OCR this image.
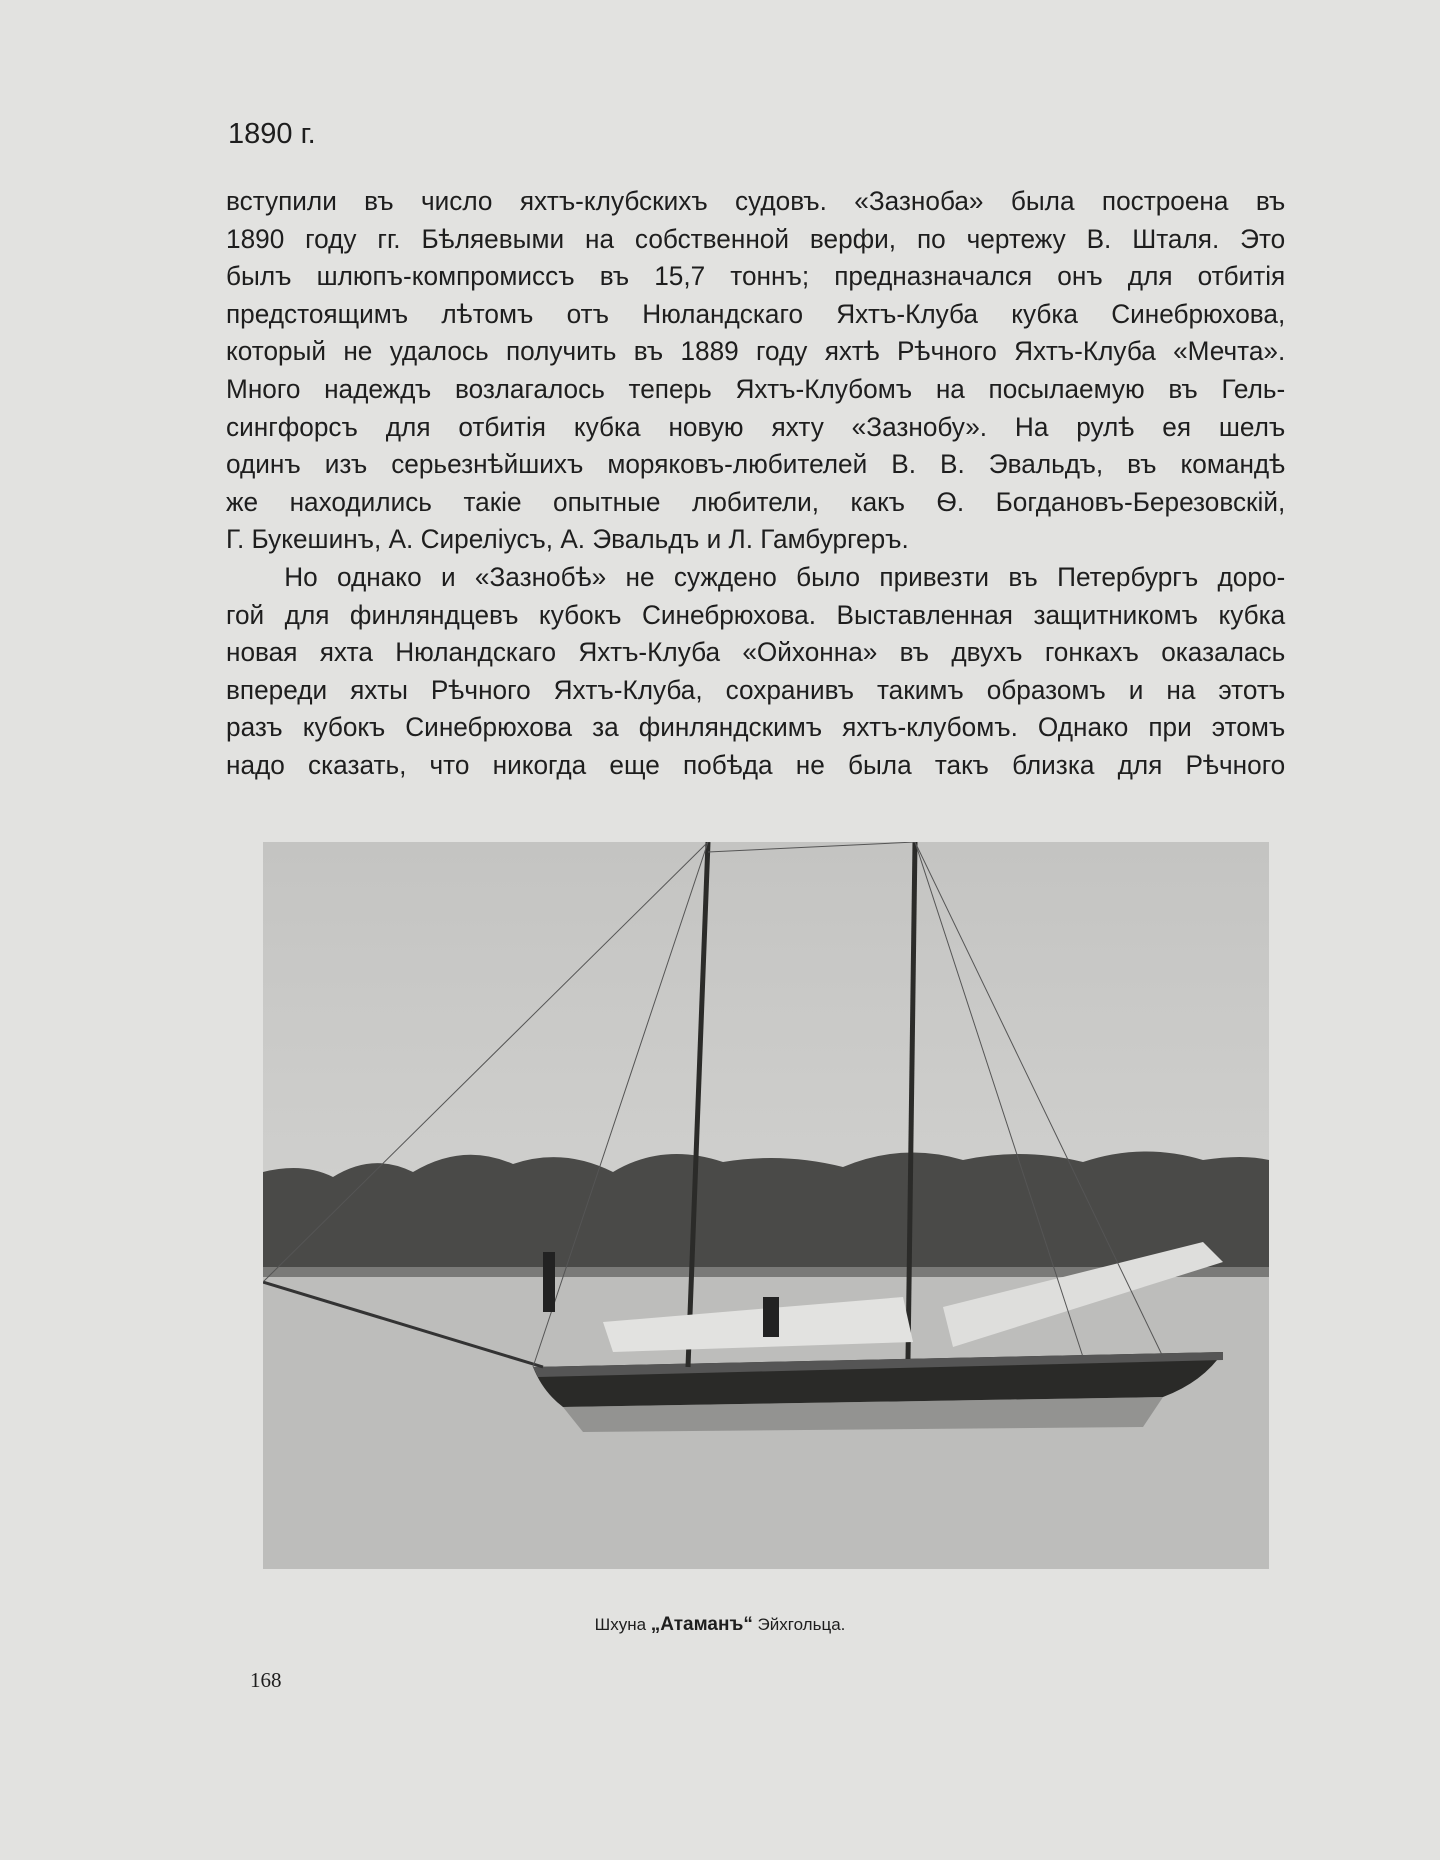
1890 г.

вступили въ число яхтъ-клубскихъ судовъ. «Зазноба» была построена въ

1890 году гг. Бѣляевыми на собственной верфи, по чертежу В. Шталя. Это

былъ шлюпъ-компромиссъ въ 15,7 тоннъ; предназначался онъ для отбитія

предстоящимъ лѣтомъ отъ Нюландскаго Яхтъ-Клуба кубка Синебрюхова,

который не удалось получить въ 1889 году яхтѣ Рѣчного Яхтъ-Клуба «Мечта».

Много надеждъ возлагалось теперь Яхтъ-Клубомъ на посылаемую въ Гель-

сингфорсъ для отбитія кубка новую яхту «Зазнобу». На рулѣ ея шелъ

одинъ изъ серьезнѣйшихъ моряковъ-любителей В. В. Эвальдъ, въ командѣ

же находились такіе опытные любители, какъ Ѳ. Богдановъ-Березовскій,

Г. Букешинъ, А. Сиреліусъ, А. Эвальдъ и Л. Гамбургеръ.

Но однако и «Зазнобѣ» не суждено было привезти въ Петербургъ доро-

гой для финляндцевъ кубокъ Синебрюхова. Выставленная защитникомъ кубка

новая яхта Нюландскаго Яхтъ-Клуба «Ойхонна» въ двухъ гонкахъ оказалась

впереди яхты Рѣчного Яхтъ-Клуба, сохранивъ такимъ образомъ и на этотъ

разъ кубокъ Синебрюхова за финляндскимъ яхтъ-клубомъ. Однако при этомъ

надо сказать, что никогда еще побѣда не была такъ близка для Рѣчного

Шхуна „Атаманъ“ Эйхгольца.
168
